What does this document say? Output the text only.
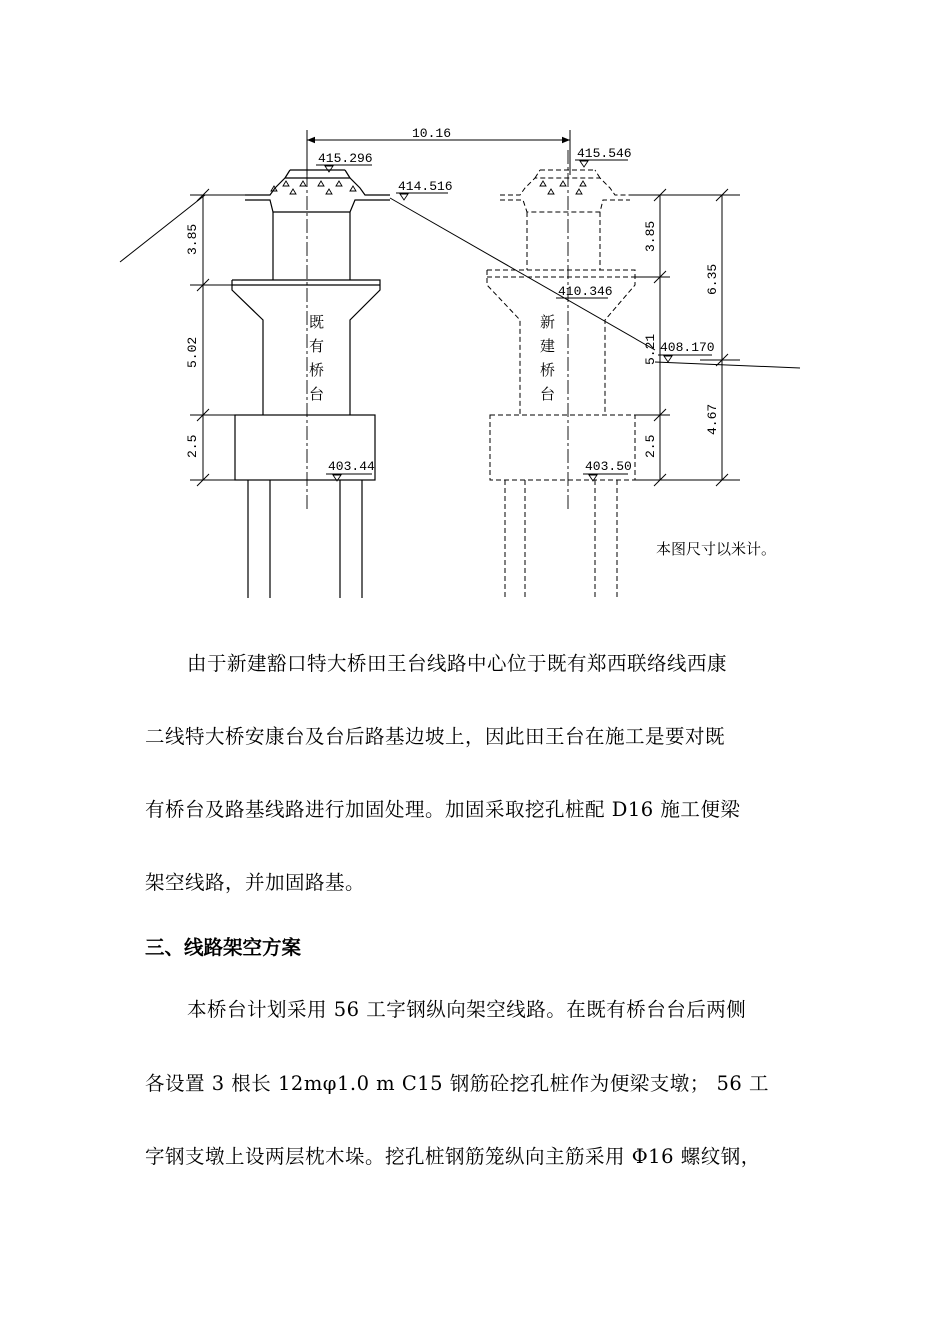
10.16
415.296
414.516
415.546
410.346
408.170
403.44	403.50
3.85
5.02
2.5
3.85
5.21
2.5
6.35
4.67
既
有
桥
台
新
建
桥
台
本图尺寸以米计。

由于新建豁口特大桥田王台线路中心位于既有郑西联络线西康

二线特大桥安康台及台后路基边坡上，因此田王台在施工是要对既

有桥台及路基线路进行加固处理。加固采取挖孔桩配 D16 施工便梁

架空线路，并加固路基。

三、线路架空方案

本桥台计划采用 56 工字钢纵向架空线路。在既有桥台台后两侧

各设置 3 根长 12mφ1.0 m C15 钢筋砼挖孔桩作为便梁支墩； 56 工

字钢支墩上设两层枕木垛。挖孔桩钢筋笼纵向主筋采用 Φ16 螺纹钢，
